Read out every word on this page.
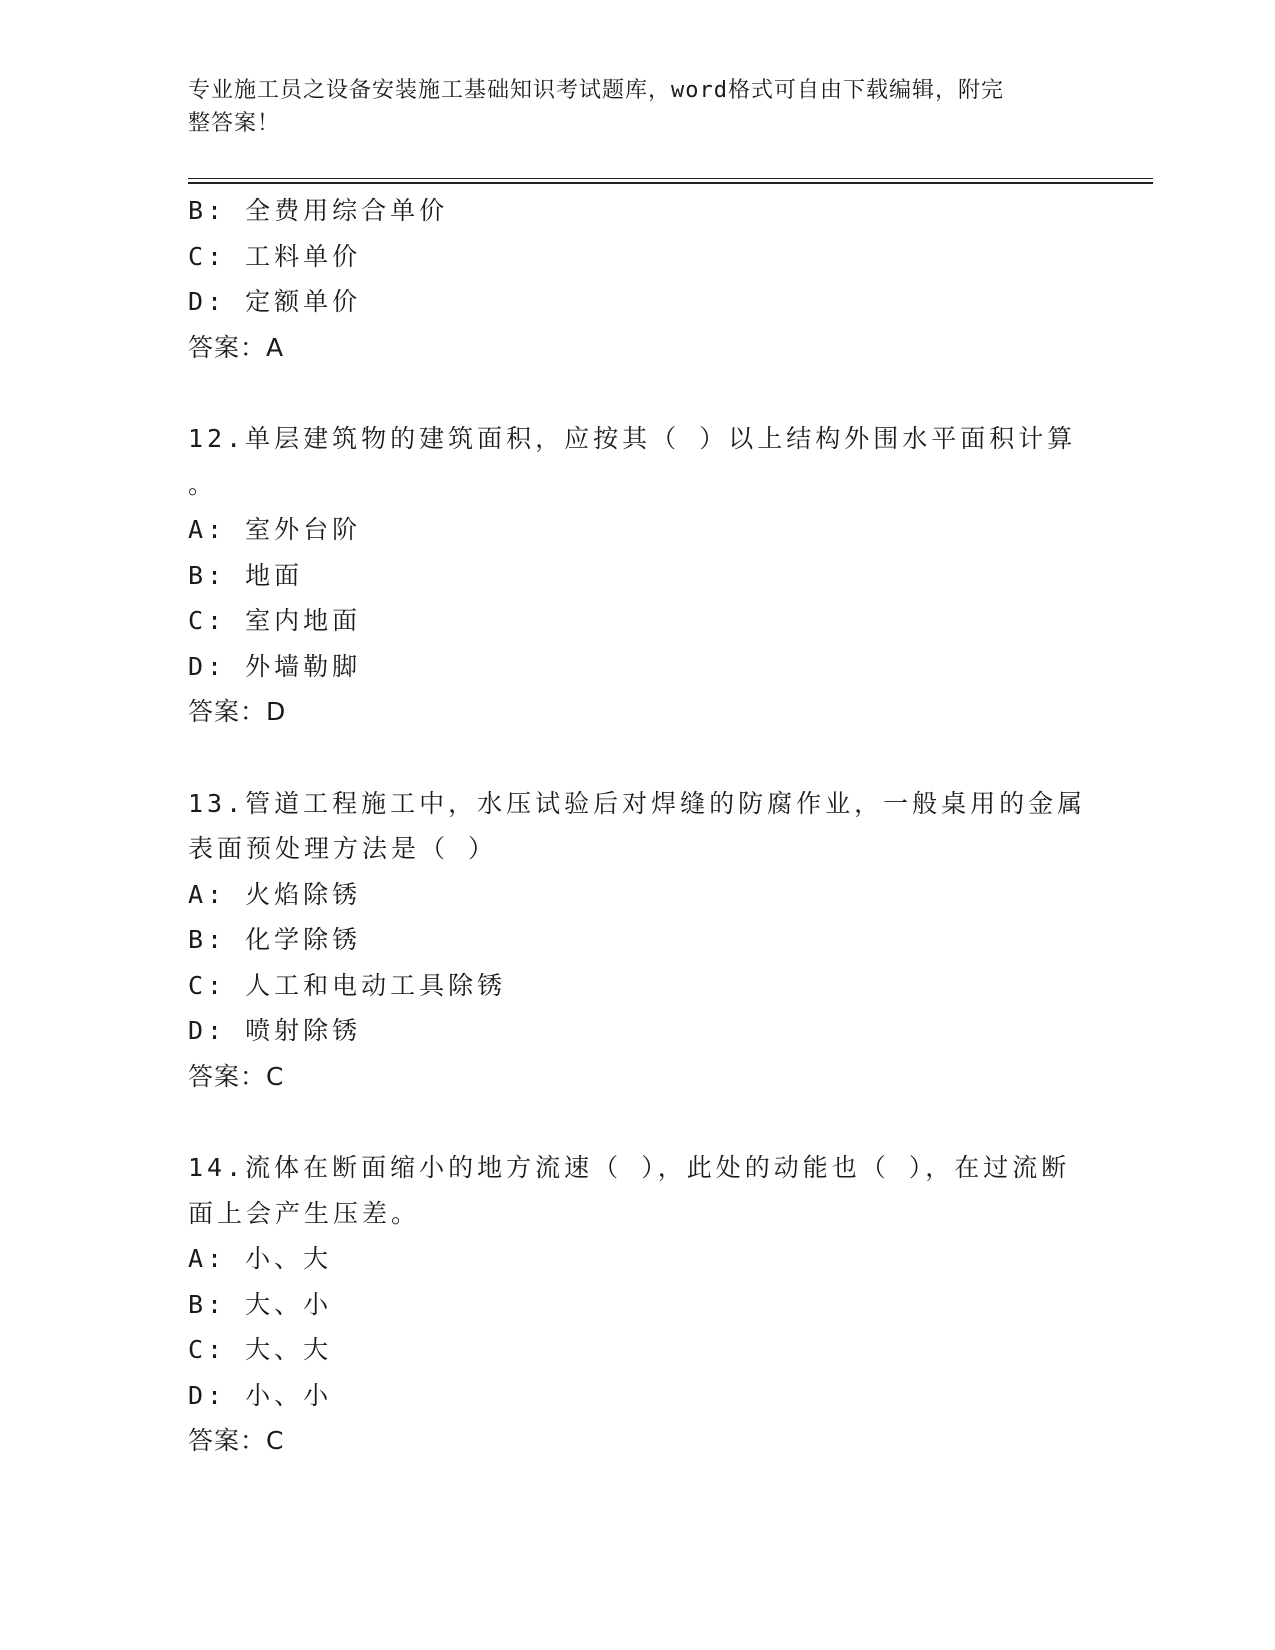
专业施工员之设备安装施工基础知识考试题库，word格式可自由下载编辑，附完
整答案！
B: 全费用综合单价
C: 工料单价
D: 定额单价
答案：A
12.单层建筑物的建筑面积，应按其（ ）以上结构外围水平面积计算
。
A: 室外台阶
B: 地面
C: 室内地面
D: 外墙勒脚
答案：D
13.管道工程施工中，水压试验后对焊缝的防腐作业，一般桌用的金属
表面预处理方法是（ ）
A: 火焰除锈
B: 化学除锈
C: 人工和电动工具除锈
D: 喷射除锈
答案：C
14.流体在断面缩小的地方流速（ ），此处的动能也（ ），在过流断
面上会产生压差。
A: 小、大
B: 大、小
C: 大、大
D: 小、小
答案：C
